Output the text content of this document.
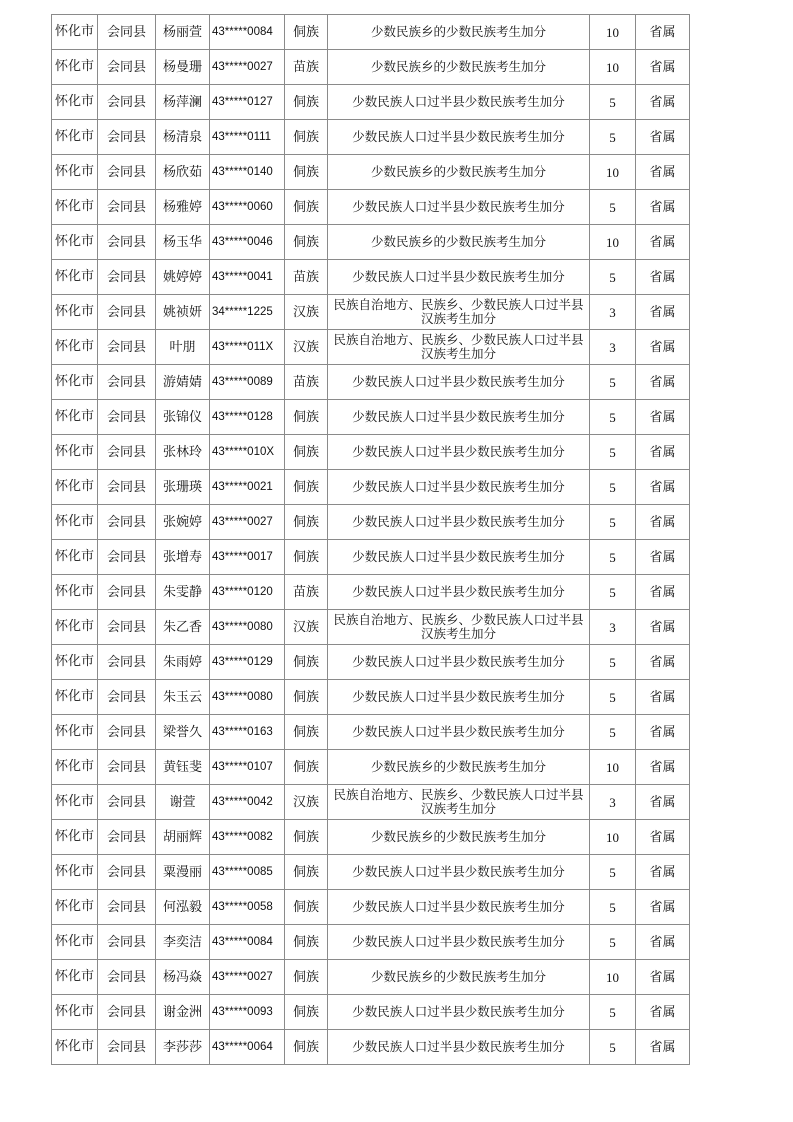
怀化市	会同县	杨丽萱	43*****0084	侗族	少数民族乡的少数民族考生加分	10	省属
怀化市	会同县	杨曼珊	43*****0027	苗族	少数民族乡的少数民族考生加分	10	省属
怀化市	会同县	杨萍澜	43*****0127	侗族	少数民族人口过半县少数民族考生加分	5	省属
怀化市	会同县	杨清泉	43*****0111	侗族	少数民族人口过半县少数民族考生加分	5	省属
怀化市	会同县	杨欣茹	43*****0140	侗族	少数民族乡的少数民族考生加分	10	省属
怀化市	会同县	杨雅婷	43*****0060	侗族	少数民族人口过半县少数民族考生加分	5	省属
怀化市	会同县	杨玉华	43*****0046	侗族	少数民族乡的少数民族考生加分	10	省属
怀化市	会同县	姚婷婷	43*****0041	苗族	少数民族人口过半县少数民族考生加分	5	省属
怀化市	会同县	姚祯妍	34*****1225	汉族	民族自治地方、民族乡、少数民族人口过半县汉族考生加分	3	省属
怀化市	会同县	叶朋	43*****011X	汉族	民族自治地方、民族乡、少数民族人口过半县汉族考生加分	3	省属
怀化市	会同县	游婧婧	43*****0089	苗族	少数民族人口过半县少数民族考生加分	5	省属
怀化市	会同县	张锦仪	43*****0128	侗族	少数民族人口过半县少数民族考生加分	5	省属
怀化市	会同县	张林玲	43*****010X	侗族	少数民族人口过半县少数民族考生加分	5	省属
怀化市	会同县	张珊瑛	43*****0021	侗族	少数民族人口过半县少数民族考生加分	5	省属
怀化市	会同县	张婉婷	43*****0027	侗族	少数民族人口过半县少数民族考生加分	5	省属
怀化市	会同县	张增寿	43*****0017	侗族	少数民族人口过半县少数民族考生加分	5	省属
怀化市	会同县	朱雯静	43*****0120	苗族	少数民族人口过半县少数民族考生加分	5	省属
怀化市	会同县	朱乙香	43*****0080	汉族	民族自治地方、民族乡、少数民族人口过半县汉族考生加分	3	省属
怀化市	会同县	朱雨婷	43*****0129	侗族	少数民族人口过半县少数民族考生加分	5	省属
怀化市	会同县	朱玉云	43*****0080	侗族	少数民族人口过半县少数民族考生加分	5	省属
怀化市	会同县	梁誉久	43*****0163	侗族	少数民族人口过半县少数民族考生加分	5	省属
怀化市	会同县	黄钰斐	43*****0107	侗族	少数民族乡的少数民族考生加分	10	省属
怀化市	会同县	谢萱	43*****0042	汉族	民族自治地方、民族乡、少数民族人口过半县汉族考生加分	3	省属
怀化市	会同县	胡丽辉	43*****0082	侗族	少数民族乡的少数民族考生加分	10	省属
怀化市	会同县	粟漫丽	43*****0085	侗族	少数民族人口过半县少数民族考生加分	5	省属
怀化市	会同县	何泓毅	43*****0058	侗族	少数民族人口过半县少数民族考生加分	5	省属
怀化市	会同县	李奕洁	43*****0084	侗族	少数民族人口过半县少数民族考生加分	5	省属
怀化市	会同县	杨冯焱	43*****0027	侗族	少数民族乡的少数民族考生加分	10	省属
怀化市	会同县	谢金洲	43*****0093	侗族	少数民族人口过半县少数民族考生加分	5	省属
怀化市	会同县	李莎莎	43*****0064	侗族	少数民族人口过半县少数民族考生加分	5	省属
